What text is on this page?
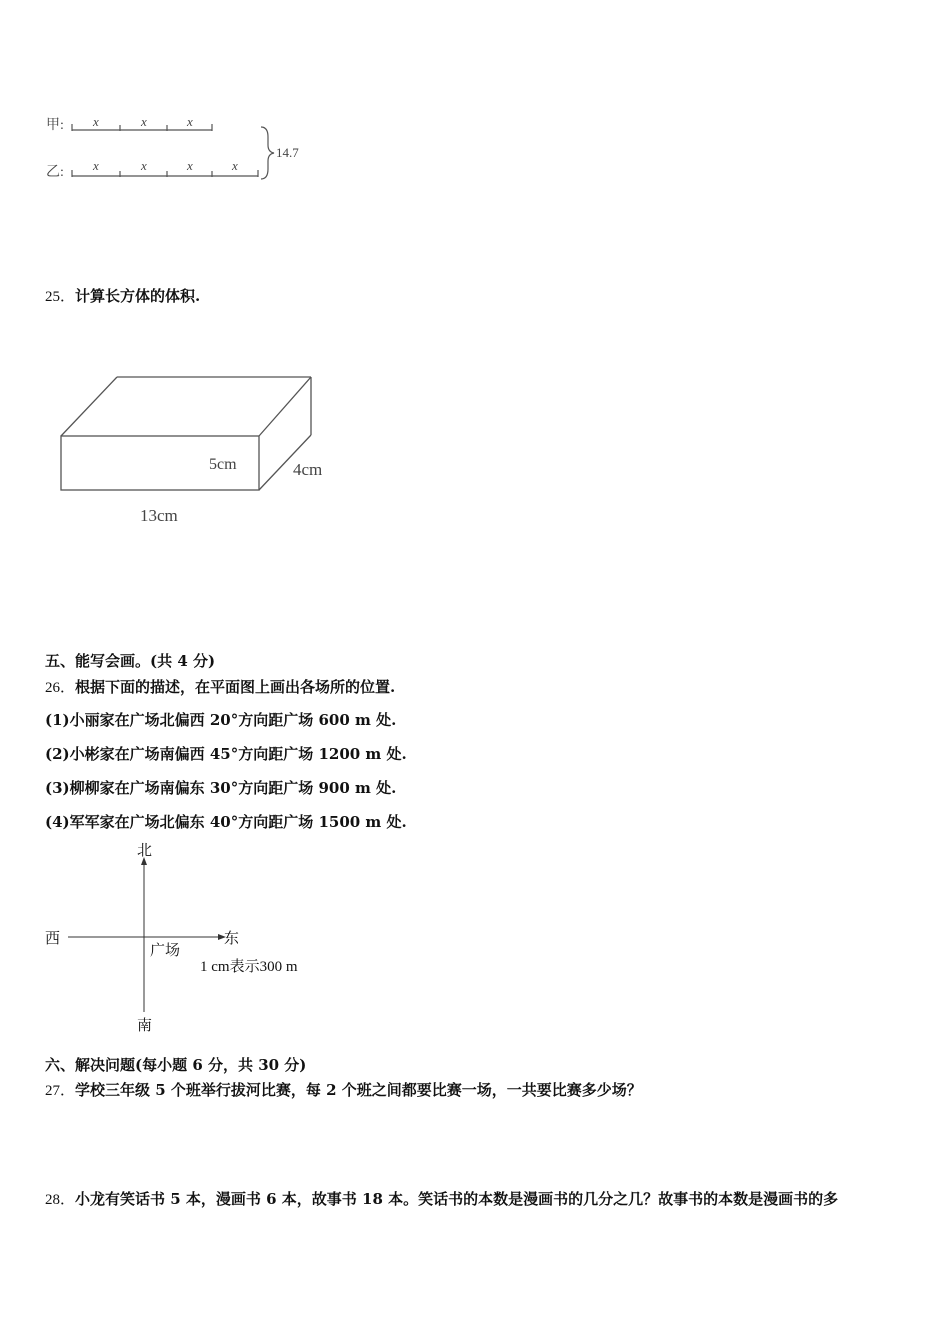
甲:
乙:
x	x	x
x	x	x	x
14.7
25．计算长方体的体积.
5cm	4cm
13cm
五、能写会画。(共 4 分)
26．根据下面的描述，在平面图上画出各场所的位置.
(1)小丽家在广场北偏西 20°方向距广场 600 m 处.
(2)小彬家在广场南偏西 45°方向距广场 1200 m 处.
(3)柳柳家在广场南偏东 30°方向距广场 900 m 处.
(4)军军家在广场北偏东 40°方向距广场 1500 m 处.
北
南
西	东
广场
1 cm表示300 m
六、解决问题(每小题 6 分，共 30 分)
27．学校三年级 5 个班举行拔河比赛，每 2 个班之间都要比赛一场，一共要比赛多少场？
28．小龙有笑话书 5 本，漫画书 6 本，故事书 18 本。笑话书的本数是漫画书的几分之几？故事书的本数是漫画书的多
